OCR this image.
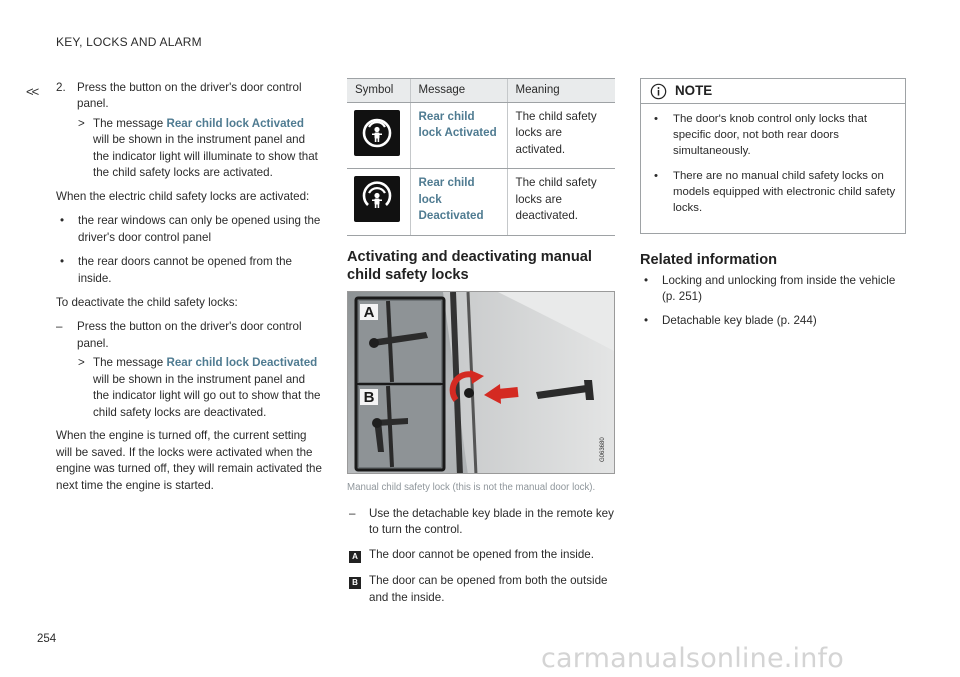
KEY, LOCKS AND ALARM
<< 2. Press the button on the driver's door control panel.
> The message Rear child lock Activated will be shown in the instrument panel and the indicator light will illuminate to show that the child safety locks are activated.

When the electric child safety locks are activated:

• the rear windows can only be opened using the driver's door control panel
• the rear doors cannot be opened from the inside.

To deactivate the child safety locks:

– Press the button on the driver's door control panel.
> The message Rear child lock Deactivated will be shown in the instrument panel and the indicator light will go out to show that the child safety locks are deactivated.

When the engine is turned off, the current setting will be saved. If the locks were activated when the engine was turned off, they will remain activated the next time the engine is started.

Symbol	Message	Meaning

	Rear child lock Activated	The child safety locks are activated.

	Rear child lock Deactivated	The child safety locks are deactivated.
Activating and deactivating manual child safety locks
A
B
G063680

Manual child safety lock (this is not the manual door lock).

– Use the detachable key blade in the remote key to turn the control.
A The door cannot be opened from the inside.
B The door can be opened from both the outside and the inside.
NOTE
• The door's knob control only locks that specific door, not both rear doors simultaneously.
• There are no manual child safety locks on models equipped with electronic child safety locks.
Related information
• Locking and unlocking from inside the vehicle (p. 251)
• Detachable key blade (p. 244)
254
carmanualsonline.info
